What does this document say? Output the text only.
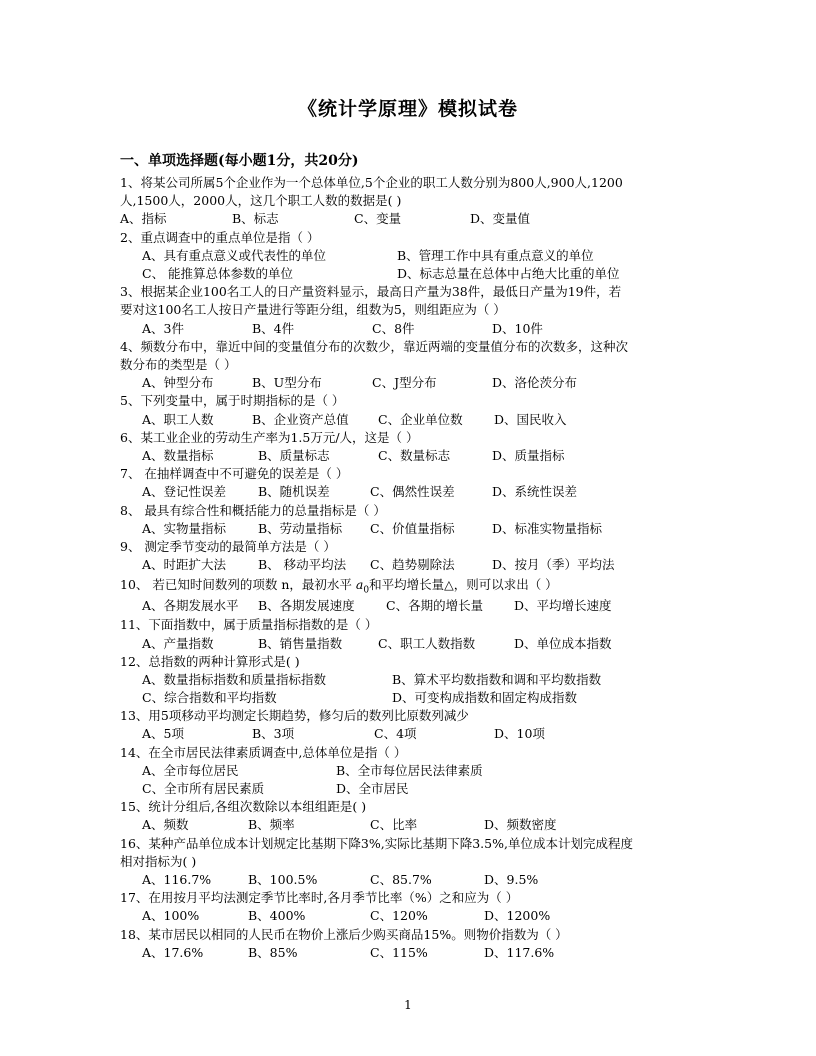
《统计学原理》模拟试卷
一、单项选择题(每小题1分，共20分)
1、将某公司所属5个企业作为一个总体单位,5个企业的职工人数分别为800人,900人,1200
人,1500人，2000人，这几个职工人数的数据是( )
A、指标	B、标志	C、变量	D、变量值
2、重点调查中的重点单位是指（ ）
A、具有重点意义或代表性的单位	B、管理工作中具有重点意义的单位
C、 能推算总体参数的单位	D、标志总量在总体中占绝大比重的单位
3、根据某企业100名工人的日产量资料显示，最高日产量为38件，最低日产量为19件，若
要对这100名工人按日产量进行等距分组，组数为5，则组距应为（ ）
A、3件	B、4件	C、8件	D、10件
4、频数分布中，靠近中间的变量值分布的次数少，靠近两端的变量值分布的次数多，这种次
数分布的类型是（ ）
A、钟型分布	B、U型分布	C、J型分布	D、洛伦茨分布
5、下列变量中，属于时期指标的是（ ）
A、职工人数	B、企业资产总值 C、企业单位数	D、国民收入
6、某工业企业的劳动生产率为1.5万元/人，这是（ ）
A、数量指标	B、质量标志	C、数量标志	D、质量指标
7、 在抽样调查中不可避免的误差是（ ）
A、登记性误差	B、随机误差	C、偶然性误差	D、系统性误差
8、 最具有综合性和概括能力的总量指标是（ ）
A、实物量指标	B、劳动量指标 C、价值量指标	D、标准实物量指标
9、 测定季节变动的最简单方法是（ ）
A、时距扩大法	B、 移动平均法 C、趋势剔除法	D、按月（季）平均法
10、 若已知时间数列的项数 n，最初水平 $a_0$和平均增长量△，则可以求出（ ）
A、各期发展水平 B、各期发展速度	C、各期的增长量 D、平均增长速度
11、下面指数中，属于质量指标指数的是（ ）
A、产量指数	B、销售量指数	C、职工人数指数	D、单位成本指数
12、总指数的两种计算形式是( )
A、数量指标指数和质量指标指数	B、算术平均数指数和调和平均数指数
C、综合指数和平均指数	D、可变构成指数和固定构成指数
13、用5项移动平均测定长期趋势，修匀后的数列比原数列减少
A、5项	B、3项	C、4项	D、10项
14、在全市居民法律素质调查中,总体单位是指（ ）
A、全市每位居民	B、全市每位居民法律素质
C、全市所有居民素质	D、全市居民
15、统计分组后,各组次数除以本组组距是( )
A、频数	B、频率	C、比率	D、频数密度
16、某种产品单位成本计划规定比基期下降3%,实际比基期下降3.5%,单位成本计划完成程度
相对指标为( )
A、116.7%	B、100.5%	C、85.7%	D、9.5%
17、在用按月平均法测定季节比率时,各月季节比率（%）之和应为（ ）
A、100%	B、400%	C、120%	D、1200%
18、某市居民以相同的人民币在物价上涨后少购买商品15%。则物价指数为（ ）
A、17.6%	B、85%	C、115%	D、117.6%
1
